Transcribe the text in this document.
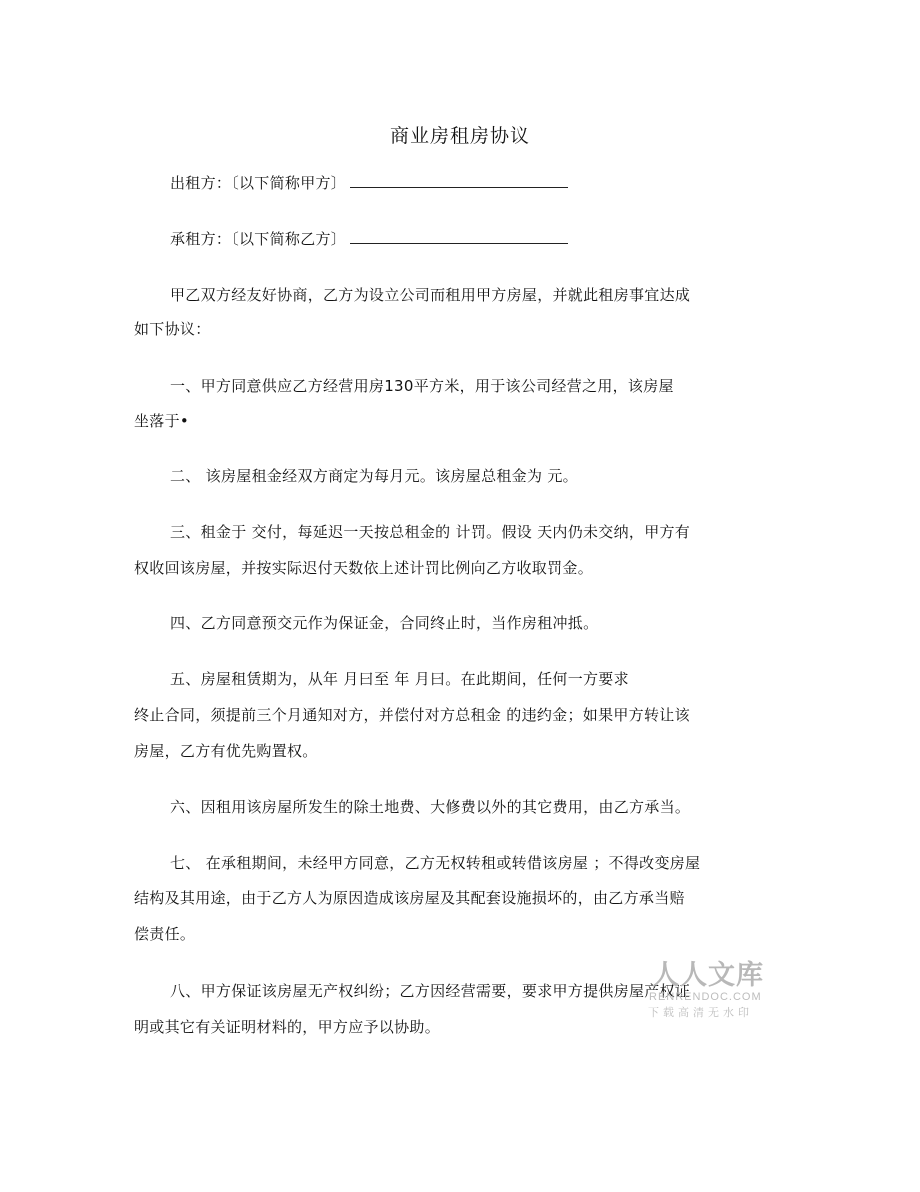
商业房租房协议
出租方：〔以下简称甲方〕
承租方：〔以下简称乙方〕
甲乙双方经友好协商，乙方为设立公司而租用甲方房屋，并就此租房事宜达成
如下协议：
一、甲方同意供应乙方经营用房130平方米，用于该公司经营之用，该房屋
坐落于•
二、 该房屋租金经双方商定为每月元。该房屋总租金为 元。
三、租金于 交付，每延迟一天按总租金的 计罚。假设 天内仍未交纳，甲方有
权收回该房屋，并按实际迟付天数依上述计罚比例向乙方收取罚金。
四、乙方同意预交元作为保证金，合同终止时，当作房租冲抵。
五、房屋租赁期为，从年 月曰至 年 月曰。在此期间，任何一方要求
终止合同，须提前三个月通知对方，并偿付对方总租金 的违约金；如果甲方转让该
房屋，乙方有优先购置权。
六、因租用该房屋所发生的除土地费、大修费以外的其它费用，由乙方承当。
七、 在承租期间，未经甲方同意，乙方无权转租或转借该房屋 ；不得改变房屋
结构及其用途，由于乙方人为原因造成该房屋及其配套设施损坏的，由乙方承当赔
偿责任。
八、甲方保证该房屋无产权纠纷；乙方因经营需要，要求甲方提供房屋产权证
明或其它有关证明材料的，甲方应予以协助。
人人文库
RENRENDOC.COM
下载高清无水印
